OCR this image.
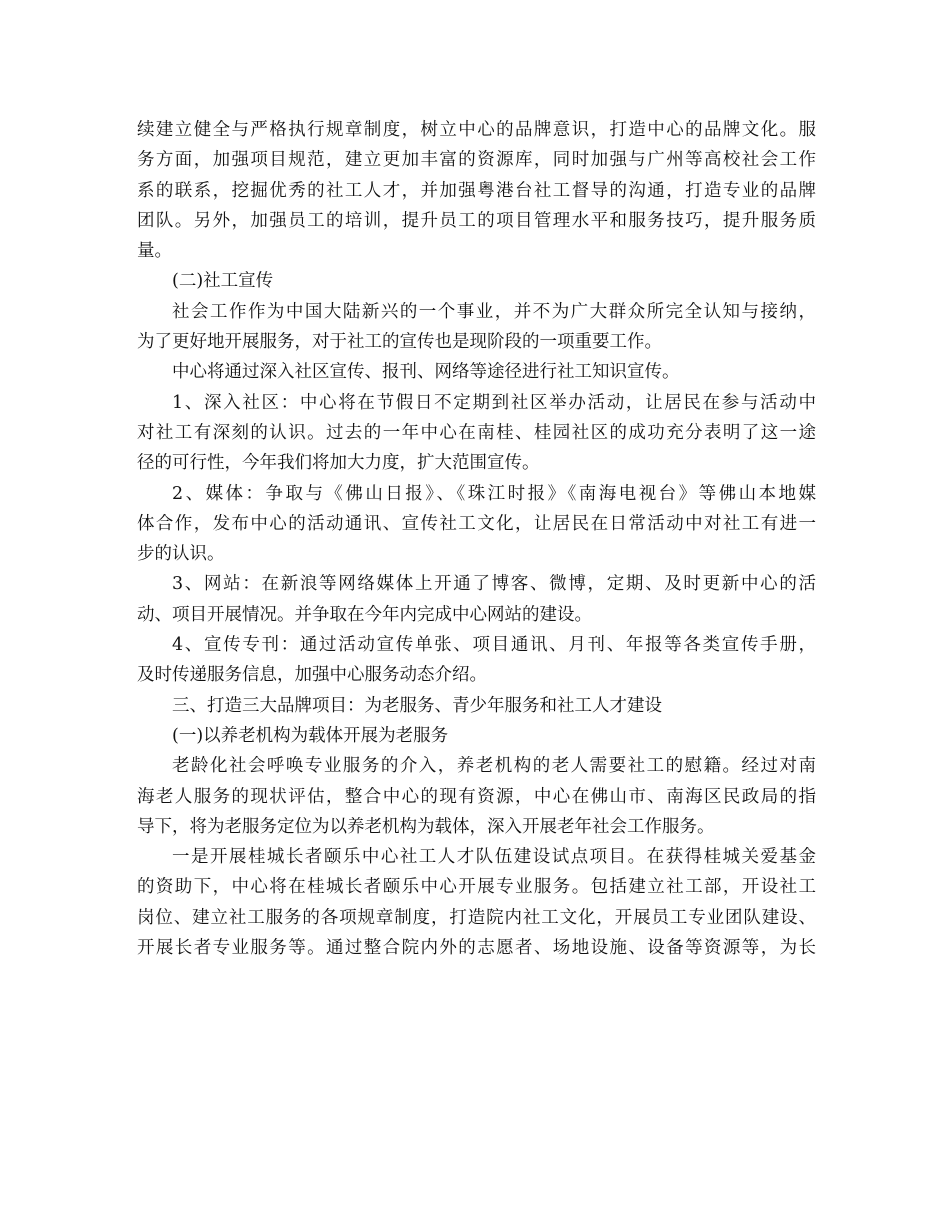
续建立健全与严格执行规章制度，树立中心的品牌意识，打造中心的品牌文化。服
务方面，加强项目规范，建立更加丰富的资源库，同时加强与广州等高校社会工作
系的联系，挖掘优秀的社工人才，并加强粤港台社工督导的沟通，打造专业的品牌
团队。另外，加强员工的培训，提升员工的项目管理水平和服务技巧，提升服务质
量。
(二)社工宣传
社会工作作为中国大陆新兴的一个事业，并不为广大群众所完全认知与接纳，
为了更好地开展服务，对于社工的宣传也是现阶段的一项重要工作。
中心将通过深入社区宣传、报刊、网络等途径进行社工知识宣传。
1、深入社区：中心将在节假日不定期到社区举办活动，让居民在参与活动中
对社工有深刻的认识。过去的一年中心在南桂、桂园社区的成功充分表明了这一途
径的可行性，今年我们将加大力度，扩大范围宣传。
2、媒体：争取与《佛山日报》、《珠江时报》《南海电视台》等佛山本地媒
体合作，发布中心的活动通讯、宣传社工文化，让居民在日常活动中对社工有进一
步的认识。
3、网站：在新浪等网络媒体上开通了博客、微博，定期、及时更新中心的活
动、项目开展情况。并争取在今年内完成中心网站的建设。
4、宣传专刊：通过活动宣传单张、项目通讯、月刊、年报等各类宣传手册，
及时传递服务信息，加强中心服务动态介绍。
三、打造三大品牌项目：为老服务、青少年服务和社工人才建设
(一)以养老机构为载体开展为老服务
老龄化社会呼唤专业服务的介入，养老机构的老人需要社工的慰籍。经过对南
海老人服务的现状评估，整合中心的现有资源，中心在佛山市、南海区民政局的指
导下，将为老服务定位为以养老机构为载体，深入开展老年社会工作服务。
一是开展桂城长者颐乐中心社工人才队伍建设试点项目。在获得桂城关爱基金
的资助下，中心将在桂城长者颐乐中心开展专业服务。包括建立社工部，开设社工
岗位、建立社工服务的各项规章制度，打造院内社工文化，开展员工专业团队建设、
开展长者专业服务等。通过整合院内外的志愿者、场地设施、设备等资源等，为长
